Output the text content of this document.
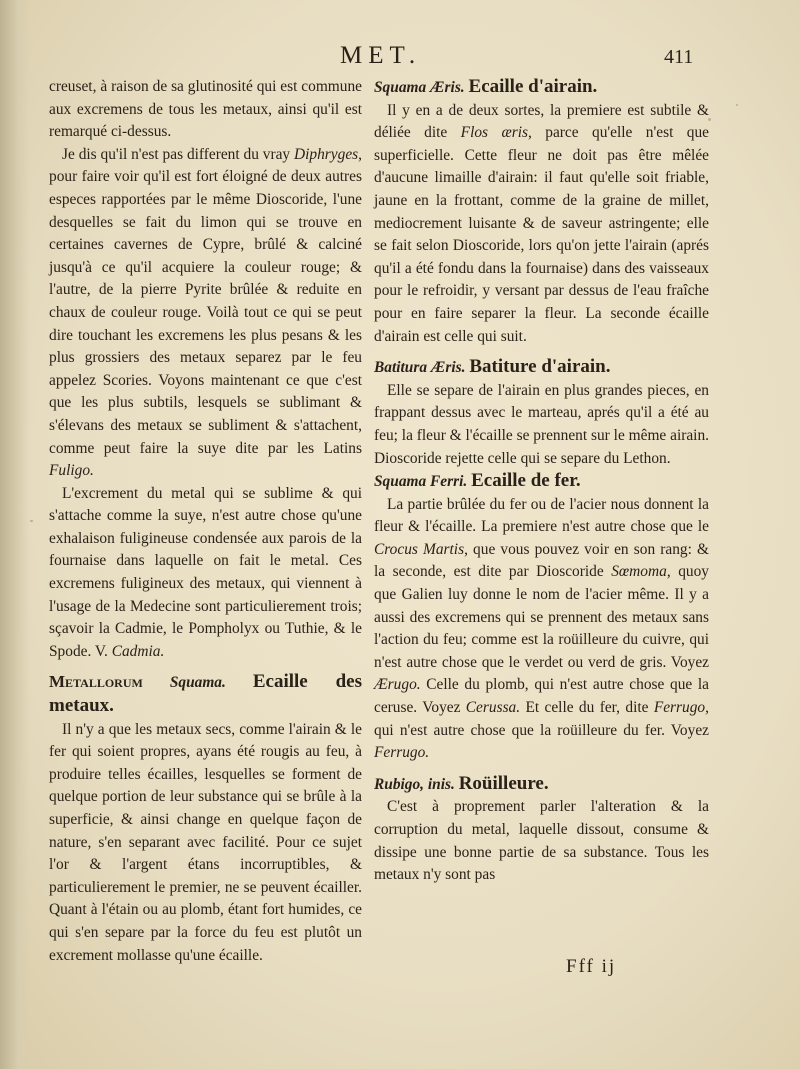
MET.	411

creuset, à raison de sa glutinosité qui est commune aux excremens de tous les metaux, ainsi qu'il est remarqué ci-dessus.

Je dis qu'il n'est pas different du vray Diphryges, pour faire voir qu'il est fort éloigné de deux autres especes rapportées par le même Dioscoride, l'une desquelles se fait du limon qui se trouve en certaines cavernes de Cypre, brûlé & calciné jusqu'à ce qu'il acquiere la couleur rouge; & l'autre, de la pierre Pyrite brûlée & reduite en chaux de couleur rouge. Voilà tout ce qui se peut dire touchant les excremens les plus pesans & les plus grossiers des metaux separez par le feu appelez Scories. Voyons maintenant ce que c'est que les plus subtils, lesquels se sublimant & s'élevans des metaux se subliment & s'attachent, comme peut faire la suye dite par les Latins Fuligo.

L'excrement du metal qui se sublime & qui s'attache comme la suye, n'est autre chose qu'une exhalaison fuligineuse condensée aux parois de la fournaise dans laquelle on fait le metal. Ces excremens fuligineux des metaux, qui viennent à l'usage de la Medecine sont particulierement trois; sçavoir la Cadmie, le Pompholyx ou Tuthie, & le Spode. V. Cadmia.

Metallorum Squama. Ecaille des metaux.

Il n'y a que les metaux secs, comme l'airain & le fer qui soient propres, ayans été rougis au feu, à produire telles écailles, lesquelles se forment de quelque portion de leur substance qui se brûle à la superficie, & ainsi change en quelque façon de nature, s'en separant avec facilité. Pour ce sujet l'or & l'argent étans incorruptibles, & particulierement le premier, ne se peuvent écailler. Quant à l'étain ou au plomb, étant fort humides, ce qui s'en separe par la force du feu est plutôt un excrement mollasse qu'une écaille.

Squama Æris. Ecaille d'airain.

Il y en a de deux sortes, la premiere est subtile & déliée dite Flos æris, parce qu'elle n'est que superficielle. Cette fleur ne doit pas être mêlée d'aucune limaille d'airain: il faut qu'elle soit friable, jaune en la frottant, comme de la graine de millet, mediocrement luisante & de saveur astringente; elle se fait selon Dioscoride, lors qu'on jette l'airain (aprés qu'il a été fondu dans la fournaise) dans des vaisseaux pour le refroidir, y versant par dessus de l'eau fraîche pour en faire separer la fleur. La seconde écaille d'airain est celle qui suit.

Batitura Æris. Batiture d'airain.

Elle se separe de l'airain en plus grandes pieces, en frappant dessus avec le marteau, aprés qu'il a été au feu; la fleur & l'écaille se prennent sur le même airain. Dioscoride rejette celle qui se separe du Lethon.

Squama Ferri. Ecaille de fer.

La partie brûlée du fer ou de l'acier nous donnent la fleur & l'écaille. La premiere n'est autre chose que le Crocus Martis, que vous pouvez voir en son rang: & la seconde, est dite par Dioscoride Sœmoma, quoy que Galien luy donne le nom de l'acier même. Il y a aussi des excremens qui se prennent des metaux sans l'action du feu; comme est la roüilleure du cuivre, qui n'est autre chose que le verdet ou verd de gris. Voyez Ærugo. Celle du plomb, qui n'est autre chose que la ceruse. Voyez Cerussa. Et celle du fer, dite Ferrugo, qui n'est autre chose que la roüilleure du fer. Voyez Ferrugo.

Rubigo, inis. Roüilleure.

C'est à proprement parler l'alteration & la corruption du metal, laquelle dissout, consume & dissipe une bonne partie de sa substance. Tous les metaux n'y sont pas

Fff ij
